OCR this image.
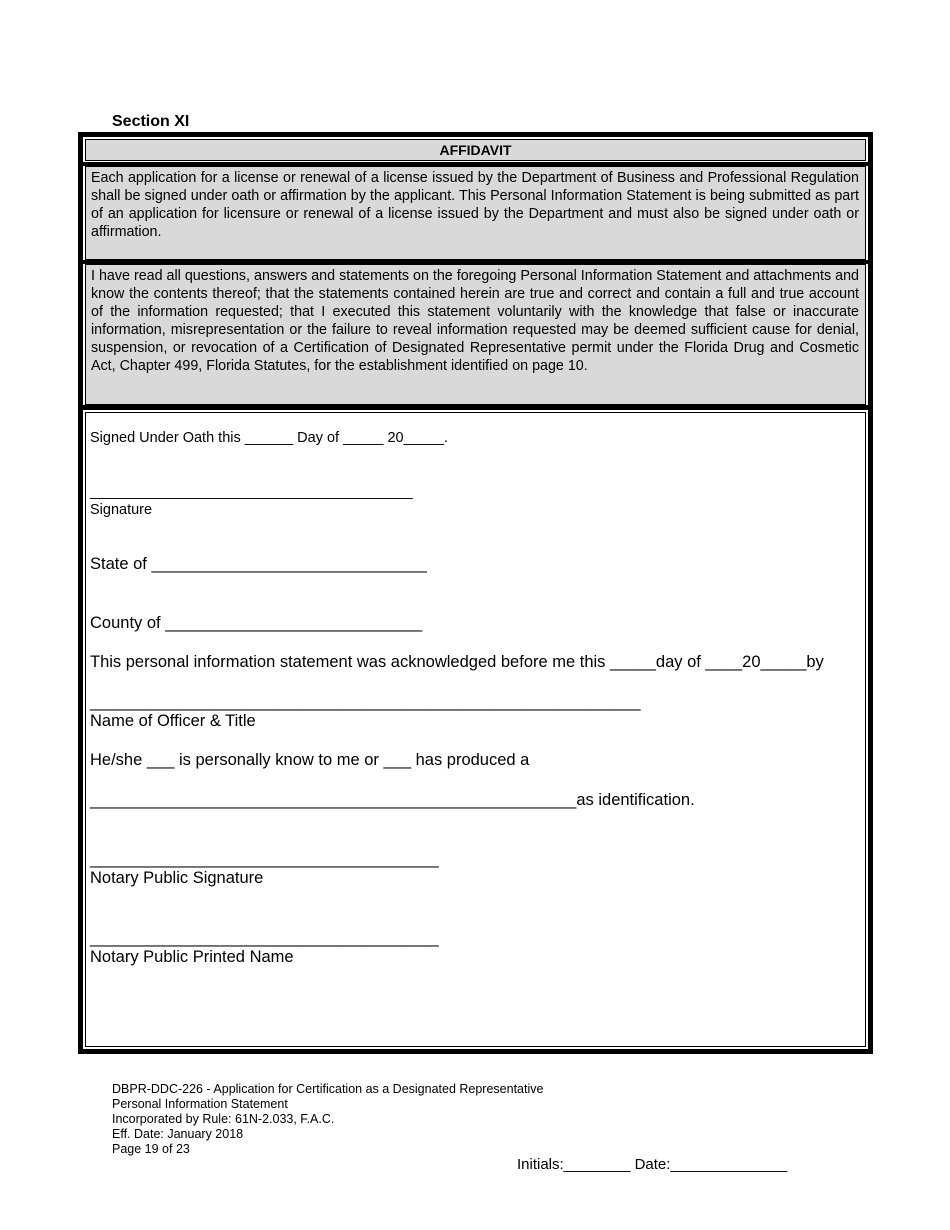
Section XI
AFFIDAVIT
Each application for a license or renewal of a license issued by the Department of Business and Professional Regulation shall be signed under oath or affirmation by the applicant. This Personal Information Statement is being submitted as part of an application for licensure or renewal of a license issued by the Department and must also be signed under oath or affirmation.
I have read all questions, answers and statements on the foregoing Personal Information Statement and attachments and know the contents thereof; that the statements contained herein are true and correct and contain a full and true account of the information requested; that I executed this statement voluntarily with the knowledge that false or inaccurate information, misrepresentation or the failure to reveal information requested may be deemed sufficient cause for denial, suspension, or revocation of a Certification of Designated Representative permit under the Florida Drug and Cosmetic Act, Chapter 499, Florida Statutes, for the establishment identified on page 10.
Signed Under Oath this ______ Day of _____ 20_____.
________________________________________
Signature
State of ______________________________
County of ____________________________
This personal information statement was acknowledged before me this _____day of ____20_____by
____________________________________________________________
Name of Officer & Title
He/she ___ is personally know to me or ___ has produced a
_____________________________________________________as identification.
______________________________________
Notary Public Signature
______________________________________
Notary Public Printed Name
DBPR-DDC-226 - Application for Certification as a Designated Representative
Personal Information Statement
Incorporated by Rule: 61N-2.033, F.A.C.
Eff. Date: January 2018
Page 19 of 23
Initials:________ Date:______________
